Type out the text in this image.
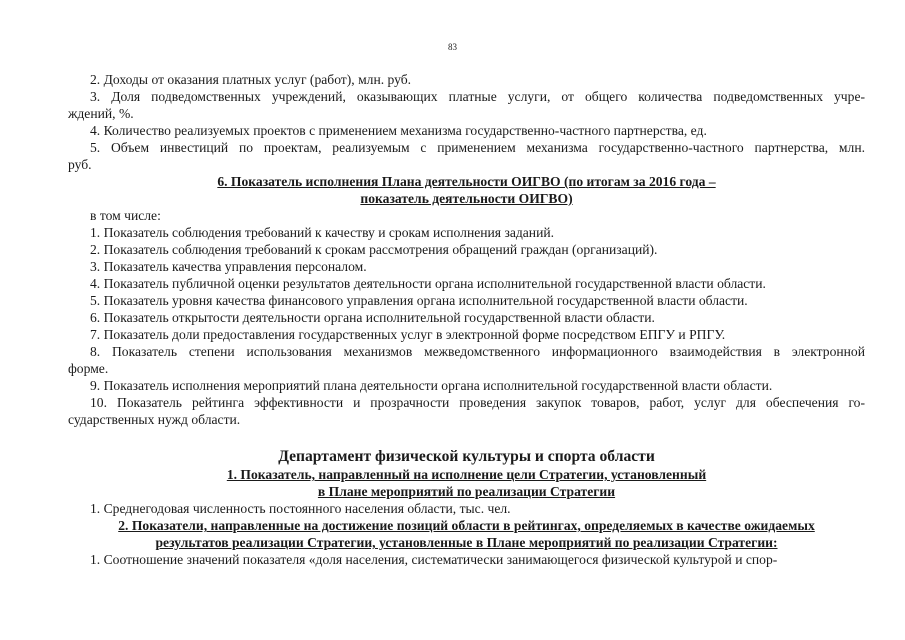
83
2. Доходы от оказания платных услуг (работ), млн. руб.
3. Доля подведомственных учреждений, оказывающих платные услуги, от общего количества подведомственных учре-
ждений, %.
4. Количество реализуемых проектов с применением механизма государственно-частного партнерства, ед.
5. Объем инвестиций по проектам, реализуемым с применением механизма государственно-частного партнерства, млн.
руб.
6. Показатель исполнения Плана деятельности ОИГВО (по итогам за 2016 года –
показатель деятельности ОИГВО)
в том числе:
1. Показатель соблюдения требований к качеству и срокам исполнения заданий.
2. Показатель соблюдения требований к срокам рассмотрения обращений граждан (организаций).
3. Показатель качества управления персоналом.
4. Показатель публичной оценки результатов деятельности органа исполнительной государственной власти области.
5. Показатель уровня качества финансового управления органа исполнительной государственной власти области.
6. Показатель открытости деятельности органа исполнительной государственной власти области.
7. Показатель доли предоставления государственных услуг в электронной форме посредством ЕПГУ и РПГУ.
8. Показатель степени использования механизмов межведомственного информационного взаимодействия в электронной
форме.
9. Показатель исполнения мероприятий плана деятельности органа исполнительной государственной власти области.
10. Показатель рейтинга эффективности и прозрачности проведения закупок товаров, работ, услуг для обеспечения го-
сударственных нужд области.
Департамент физической культуры и спорта области
1. Показатель, направленный на исполнение цели Стратегии, установленный
в Плане мероприятий по реализации Стратегии
1. Среднегодовая численность постоянного населения области, тыс. чел.
2. Показатели, направленные на достижение позиций области в рейтингах, определяемых в качестве ожидаемых
результатов реализации Стратегии, установленные в Плане мероприятий по реализации Стратегии:
1. Соотношение значений показателя «доля населения, систематически занимающегося физической культурой и спор-
